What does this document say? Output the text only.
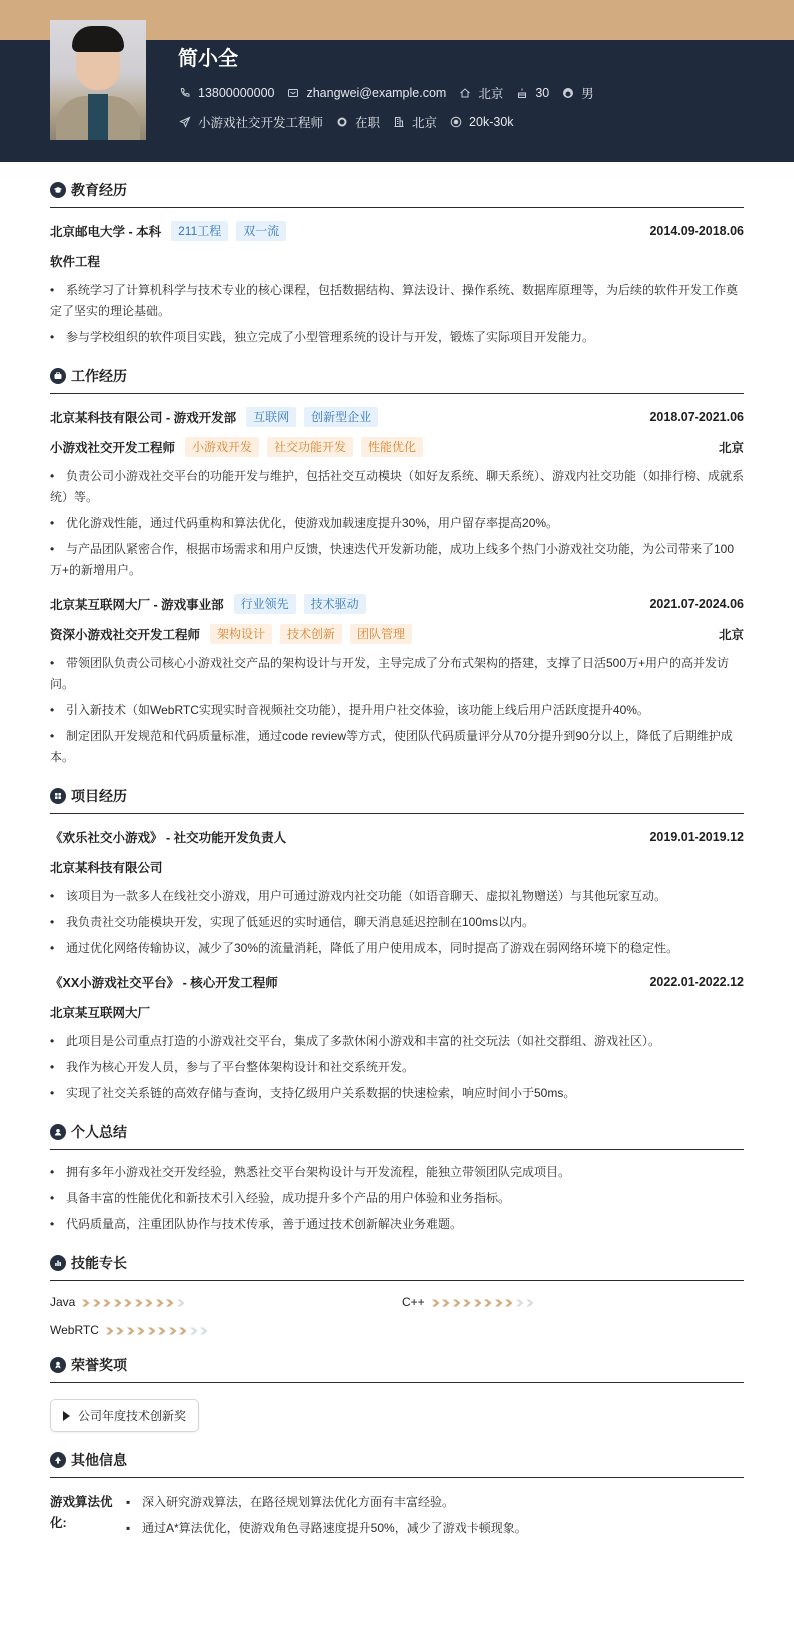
简小全
13800000000	zhangwei@example.com	北京	30	男
小游戏社交开发工程师	在职	北京	20k-30k
教育经历
北京邮电大学 - 本科	211工程	双一流	2014.09-2018.06
软件工程
• 系统学习了计算机科学与技术专业的核心课程，包括数据结构、算法设计、操作系统、数据库原理等，为后续的软件开发工作奠定了坚实的理论基础。
• 参与学校组织的软件项目实践，独立完成了小型管理系统的设计与开发，锻炼了实际项目开发能力。
工作经历
北京某科技有限公司 - 游戏开发部	互联网	创新型企业	2018.07-2021.06
小游戏社交开发工程师	小游戏开发	社交功能开发	性能优化	北京
• 负责公司小游戏社交平台的功能开发与维护，包括社交互动模块（如好友系统、聊天系统）、游戏内社交功能（如排行榜、成就系统）等。
• 优化游戏性能，通过代码重构和算法优化，使游戏加载速度提升30%，用户留存率提高20%。
• 与产品团队紧密合作，根据市场需求和用户反馈，快速迭代开发新功能，成功上线多个热门小游戏社交功能，为公司带来了100万+的新增用户。
北京某互联网大厂 - 游戏事业部	行业领先	技术驱动	2021.07-2024.06
资深小游戏社交开发工程师	架构设计	技术创新	团队管理	北京
• 带领团队负责公司核心小游戏社交产品的架构设计与开发，主导完成了分布式架构的搭建，支撑了日活500万+用户的高并发访问。
• 引入新技术（如WebRTC实现实时音视频社交功能），提升用户社交体验，该功能上线后用户活跃度提升40%。
• 制定团队开发规范和代码质量标准，通过code review等方式，使团队代码质量评分从70分提升到90分以上，降低了后期维护成本。
项目经历
《欢乐社交小游戏》 - 社交功能开发负责人	2019.01-2019.12
北京某科技有限公司
• 该项目为一款多人在线社交小游戏，用户可通过游戏内社交功能（如语音聊天、虚拟礼物赠送）与其他玩家互动。
• 我负责社交功能模块开发，实现了低延迟的实时通信，聊天消息延迟控制在100ms以内。
• 通过优化网络传输协议，减少了30%的流量消耗，降低了用户使用成本，同时提高了游戏在弱网络环境下的稳定性。
《XX小游戏社交平台》 - 核心开发工程师	2022.01-2022.12
北京某互联网大厂
• 此项目是公司重点打造的小游戏社交平台，集成了多款休闲小游戏和丰富的社交玩法（如社交群组、游戏社区）。
• 我作为核心开发人员，参与了平台整体架构设计和社交系统开发。
• 实现了社交关系链的高效存储与查询，支持亿级用户关系数据的快速检索，响应时间小于50ms。
个人总结
• 拥有多年小游戏社交开发经验，熟悉社交平台架构设计与开发流程，能独立带领团队完成项目。
• 具备丰富的性能优化和新技术引入经验，成功提升多个产品的用户体验和业务指标。
• 代码质量高，注重团队协作与技术传承，善于通过技术创新解决业务难题。
技能专长
Java	C++
WebRTC
荣誉奖项
公司年度技术创新奖
其他信息
游戏算法优化:
▪ 深入研究游戏算法，在路径规划算法优化方面有丰富经验。
▪ 通过A*算法优化，使游戏角色寻路速度提升50%，减少了游戏卡顿现象。
